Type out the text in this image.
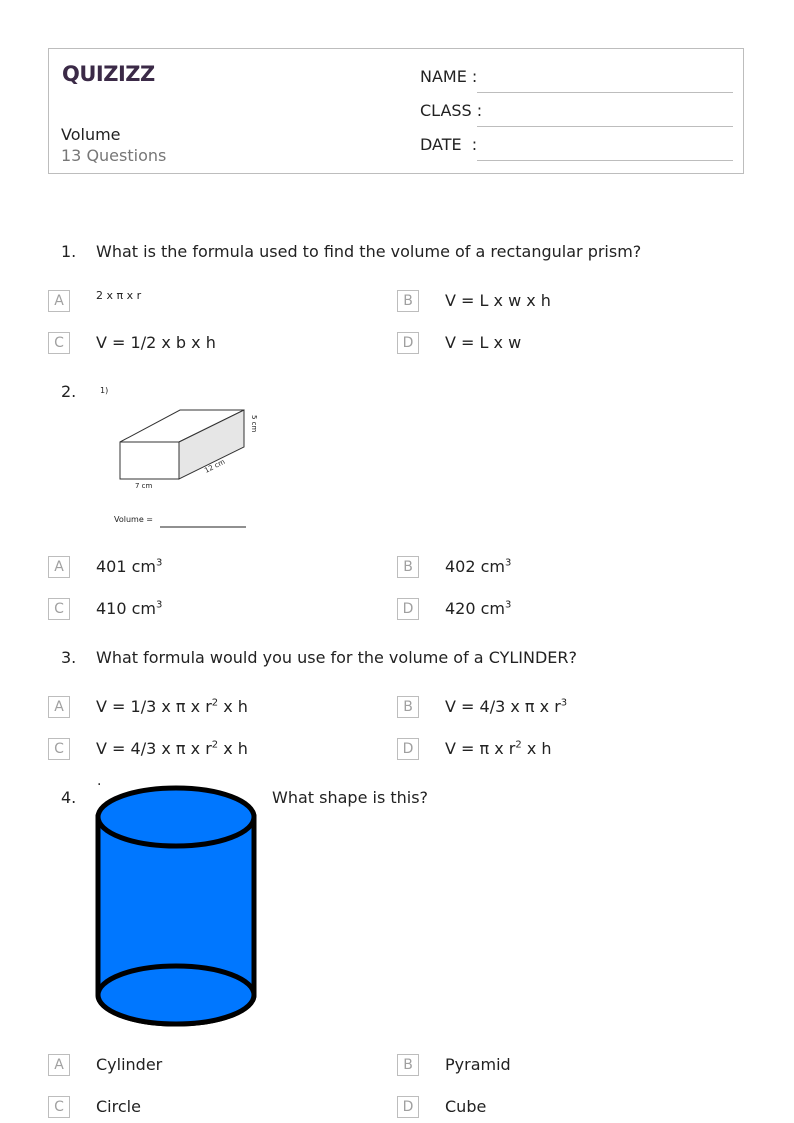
QUIZIZZ
Volume
13 Questions
NAME :
CLASS :
DATE  :
1. What is the formula used to find the volume of a rectangular prism?
A	2 x π x r	B	V = L x w x h
C	V = 1/2 x b x h	D	V = L x w
2.	1)
5 cm
12 cm
7 cm
Volume =
A	401 $cm^3$	B	402 $cm^3$
C	410 $cm^3$	D	420 $cm^3$
3. What formula would you use for the volume of a CYLINDER?
A	V = 1/3 x π x $r^2$ x h	B	V = 4/3 x π x $r^3$
C	V = 4/3 x π x $r^2$ x h	D	V = π x $r^2$ x h
4.
.
What shape is this?
A	Cylinder	B	Pyramid
C	Circle	D	Cube
